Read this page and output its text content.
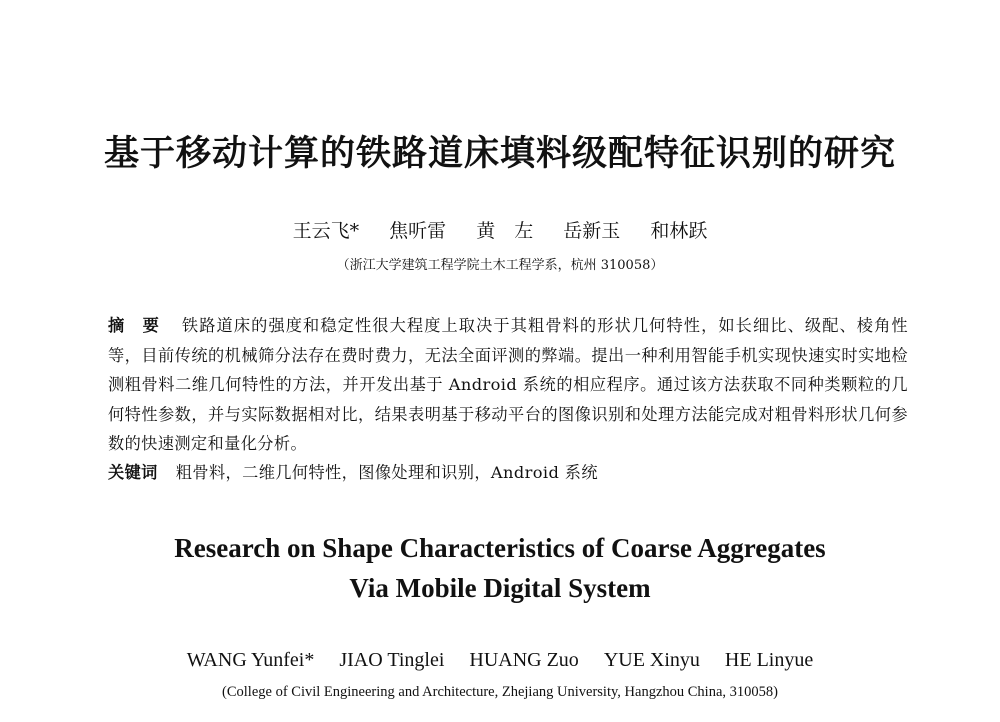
基于移动计算的铁路道床填料级配特征识别的研究
王云飞* 焦听雷 黄　左 岳新玉 和林跃
（浙江大学建筑工程学院土木工程学系，杭州 310058）
摘　要 铁路道床的强度和稳定性很大程度上取决于其粗骨料的形状几何特性，如长细比、级配、棱角性等，目前传统的机械筛分法存在费时费力，无法全面评测的弊端。提出一种利用智能手机实现快速实时实地检测粗骨料二维几何特性的方法，并开发出基于 Android 系统的相应程序。通过该方法获取不同种类颗粒的几何特性参数，并与实际数据相对比，结果表明基于移动平台的图像识别和处理方法能完成对粗骨料形状几何参数的快速测定和量化分析。
关键词 粗骨料，二维几何特性，图像处理和识别，Android 系统
Research on Shape Characteristics of Coarse Aggregates
Via Mobile Digital System
WANG Yunfei* JIAO Tinglei HUANG Zuo YUE Xinyu HE Linyue
(College of Civil Engineering and Architecture, Zhejiang University, Hangzhou China, 310058)
